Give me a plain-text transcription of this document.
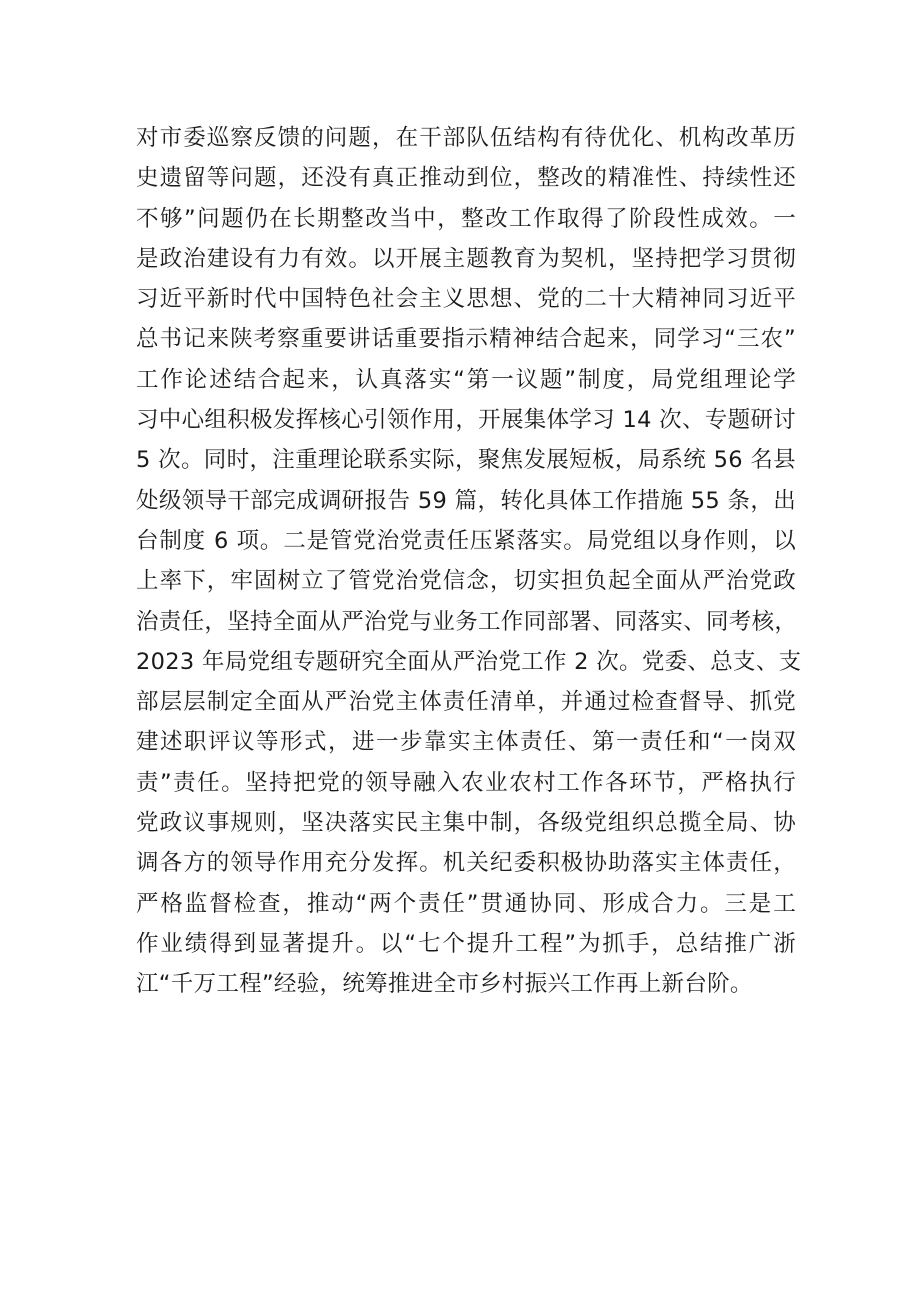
对市委巡察反馈的问题，在干部队伍结构有待优化、机构改革历
史遗留等问题，还没有真正推动到位，整改的精准性、持续性还
不够”问题仍在长期整改当中，整改工作取得了阶段性成效。一
是政治建设有力有效。以开展主题教育为契机，坚持把学习贯彻
习近平新时代中国特色社会主义思想、党的二十大精神同习近平
总书记来陕考察重要讲话重要指示精神结合起来，同学习“三农”
工作论述结合起来，认真落实“第一议题”制度，局党组理论学
习中心组积极发挥核心引领作用，开展集体学习 14 次、专题研讨
5 次。同时，注重理论联系实际，聚焦发展短板，局系统 56 名县
处级领导干部完成调研报告 59 篇，转化具体工作措施 55 条，出
台制度 6 项。二是管党治党责任压紧落实。局党组以身作则，以
上率下，牢固树立了管党治党信念，切实担负起全面从严治党政
治责任，坚持全面从严治党与业务工作同部署、同落实、同考核，
2023 年局党组专题研究全面从严治党工作 2 次。党委、总支、支
部层层制定全面从严治党主体责任清单，并通过检查督导、抓党
建述职评议等形式，进一步靠实主体责任、第一责任和“一岗双
责”责任。坚持把党的领导融入农业农村工作各环节，严格执行
党政议事规则，坚决落实民主集中制，各级党组织总揽全局、协
调各方的领导作用充分发挥。机关纪委积极协助落实主体责任，
严格监督检查，推动“两个责任”贯通协同、形成合力。三是工
作业绩得到显著提升。以“七个提升工程”为抓手，总结推广浙
江“千万工程”经验，统筹推进全市乡村振兴工作再上新台阶。
